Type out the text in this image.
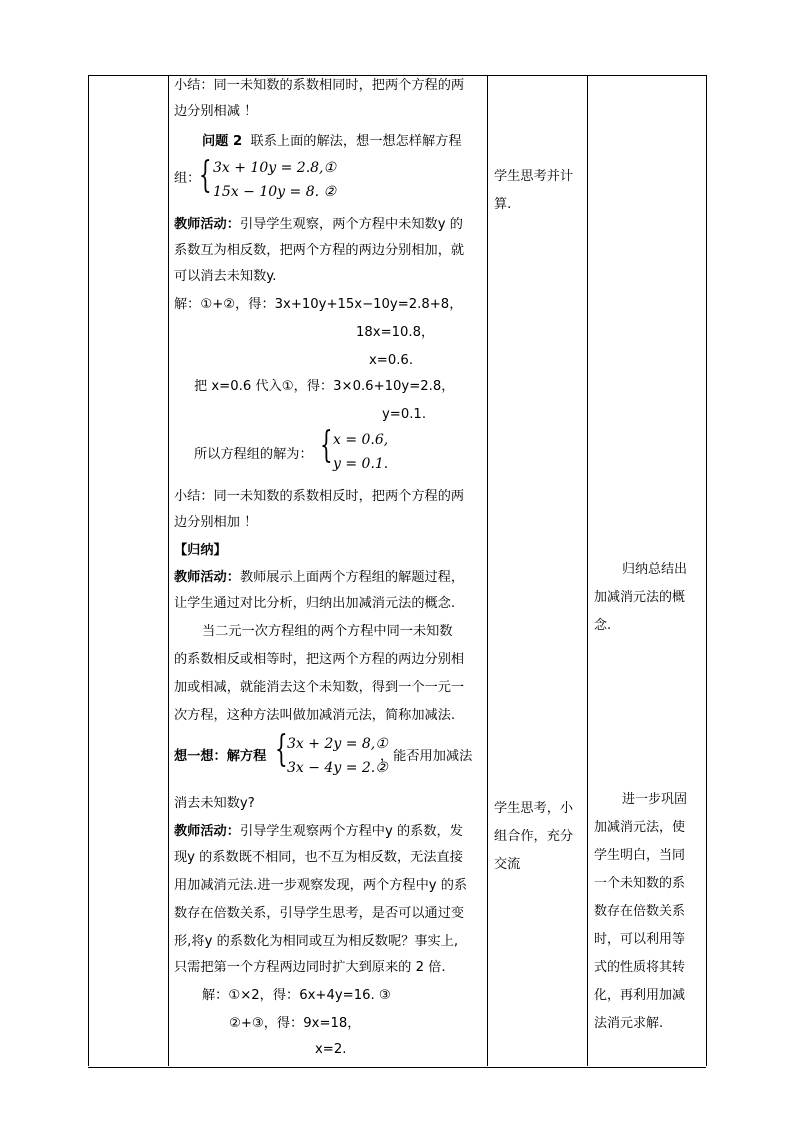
小结：同一未知数的系数相同时，把两个方程的两
边分别相减 ！
问题 2 联系上面的解法，想一想怎样解方程
组：
{ 3x + 10y = 2.8,①
15x − 10y = 8. ②
教师活动：引导学生观察，两个方程中未知数y 的
系数互为相反数，把两个方程的两边分别相加，就
可以消去未知数y.
解：①+②，得：3x+10y+15x−10y=2.8+8，
18x=10.8，
x=0.6.
把 x=0.6 代入①，得：3×0.6+10y=2.8，
y=0.1.
所以方程组的解为： { x = 0.6,
y = 0.1.
小结：同一未知数的系数相反时，把两个方程的两
边分别相加 ！
【归纳】
教师活动：教师展示上面两个方程组的解题过程，
让学生通过对比分析，归纳出加减消元法的概念.
当二元一次方程组的两个方程中同一未知数
的系数相反或相等时，把这两个方程的两边分别相
加或相减，就能消去这个未知数，得到一个一元一
次方程，这种方法叫做加减消元法，简称加减法.
想一想：解方程 { 3x + 2y = 8,①
3x − 4y = 2.②
，能否用加减法
消去未知数y?
教师活动：引导学生观察两个方程中y 的系数，发
现y 的系数既不相同，也不互为相反数，无法直接
用加减消元法.进一步观察发现，两个方程中y 的系
数存在倍数关系，引导学生思考，是否可以通过变
形,将y 的系数化为相同或互为相反数呢？事实上,
只需把第一个方程两边同时扩大到原来的 2 倍.
解：①×2，得：6x+4y=16. ③
②+③，得：9x=18，
x=2.
学生思考并计
算.
学生思考，小
组合作，充分
交流
归纳总结出
加减消元法的概
念.
进一步巩固
加减消元法，使
学生明白，当同
一个未知数的系
数存在倍数关系
时，可以利用等
式的性质将其转
化，再利用加减
法消元求解.
